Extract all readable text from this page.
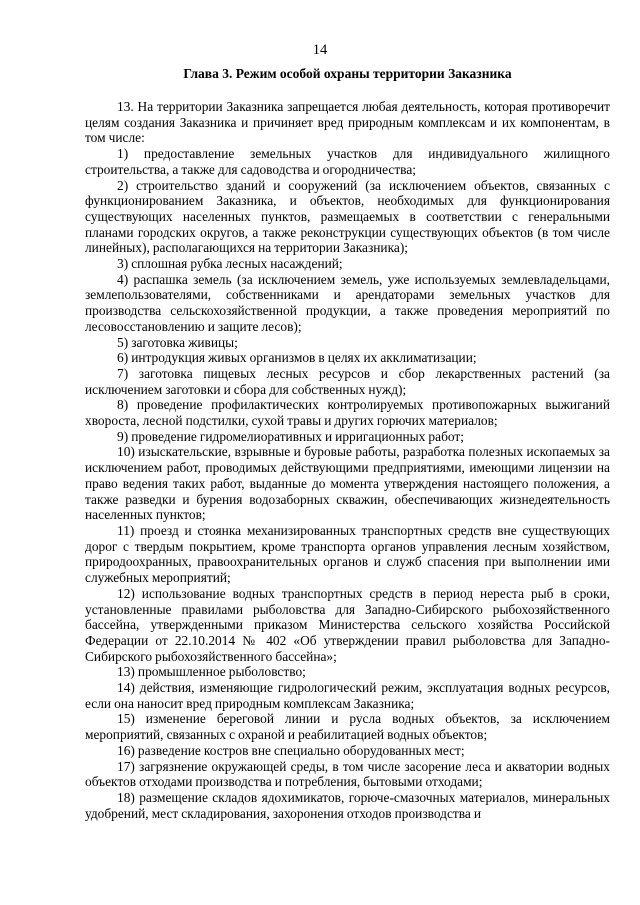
14
Глава 3. Режим особой охраны территории Заказника

13. На территории Заказника запрещается любая деятельность, которая противоречит целям создания Заказника и причиняет вред природным комплексам и их компонентам, в том числе:

1) предоставление земельных участков для индивидуального жилищного строительства, а также для садоводства и огородничества;

2) строительство зданий и сооружений (за исключением объектов, связанных с функционированием Заказника, и объектов, необходимых для функционирования существующих населенных пунктов, размещаемых в соответствии с генеральными планами городских округов, а также реконструкции существующих объектов (в том числе линейных), располагающихся на территории Заказника);

3) сплошная рубка лесных насаждений;

4) распашка земель (за исключением земель, уже используемых землевладельцами, землепользователями, собственниками и арендаторами земельных участков для производства сельскохозяйственной продукции, а также проведения мероприятий по лесовосстановлению и защите лесов);

5) заготовка живицы;

6) интродукция живых организмов в целях их акклиматизации;

7) заготовка пищевых лесных ресурсов и сбор лекарственных растений (за исключением заготовки и сбора для собственных нужд);

8) проведение профилактических контролируемых противопожарных выжиганий хвороста, лесной подстилки, сухой травы и других горючих материалов;

9) проведение гидромелиоративных и ирригационных работ;

10) изыскательские, взрывные и буровые работы, разработка полезных ископаемых за исключением работ, проводимых действующими предприятиями, имеющими лицензии на право ведения таких работ, выданные до момента утверждения настоящего положения, а также разведки и бурения водозаборных скважин, обеспечивающих жизнедеятельность населенных пунктов;

11) проезд и стоянка механизированных транспортных средств вне существующих дорог с твердым покрытием, кроме транспорта органов управления лесным хозяйством, природоохранных, правоохранительных органов и служб спасения при выполнении ими служебных мероприятий;

12) использование водных транспортных средств в период нереста рыб в сроки, установленные правилами рыболовства для Западно-Сибирского рыбохозяйственного бассейна, утвержденными приказом Министерства сельского хозяйства Российской Федерации от 22.10.2014 № 402 «Об утверждении правил рыболовства для Западно-Сибирского рыбохозяйственного бассейна»;

13) промышленное рыболовство;

14) действия, изменяющие гидрологический режим, эксплуатация водных ресурсов, если она наносит вред природным комплексам Заказника;

15) изменение береговой линии и русла водных объектов, за исключением мероприятий, связанных с охраной и реабилитацией водных объектов;

16) разведение костров вне специально оборудованных мест;

17) загрязнение окружающей среды, в том числе засорение леса и акватории водных объектов отходами производства и потребления, бытовыми отходами;

18) размещение складов ядохимикатов, горюче-смазочных материалов, минеральных удобрений, мест складирования, захоронения отходов производства и
